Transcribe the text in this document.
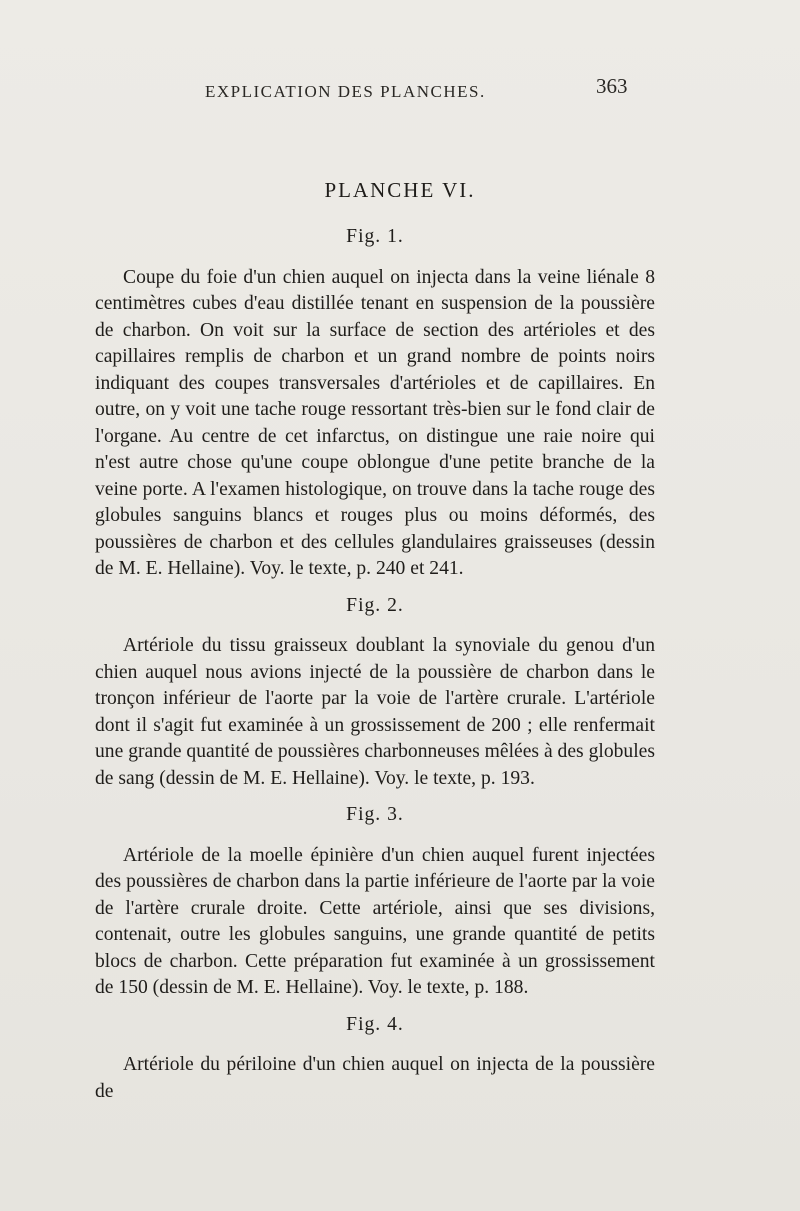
EXPLICATION DES PLANCHES.	363
PLANCHE VI.
Fig. 1.

Coupe du foie d'un chien auquel on injecta dans la veine liénale 8 centimètres cubes d'eau distillée tenant en suspension de la poussière de charbon. On voit sur la surface de section des artérioles et des capillaires remplis de charbon et un grand nombre de points noirs indiquant des coupes transversales d'artérioles et de capillaires. En outre, on y voit une tache rouge ressortant très-bien sur le fond clair de l'organe. Au centre de cet infarctus, on distingue une raie noire qui n'est autre chose qu'une coupe oblongue d'une petite branche de la veine porte. A l'examen histologique, on trouve dans la tache rouge des globules sanguins blancs et rouges plus ou moins déformés, des poussières de charbon et des cellules glandulaires graisseuses (dessin de M. E. Hellaine). Voy. le texte, p. 240 et 241.

Fig. 2.

Artériole du tissu graisseux doublant la synoviale du genou d'un chien auquel nous avions injecté de la poussière de charbon dans le tronçon inférieur de l'aorte par la voie de l'artère crurale. L'artériole dont il s'agit fut examinée à un grossissement de 200 ; elle renfermait une grande quantité de poussières charbonneuses mêlées à des globules de sang (dessin de M. E. Hellaine). Voy. le texte, p. 193.

Fig. 3.

Artériole de la moelle épinière d'un chien auquel furent injectées des poussières de charbon dans la partie inférieure de l'aorte par la voie de l'artère crurale droite. Cette artériole, ainsi que ses divisions, contenait, outre les globules sanguins, une grande quantité de petits blocs de charbon. Cette préparation fut examinée à un grossissement de 150 (dessin de M. E. Hellaine). Voy. le texte, p. 188.

Fig. 4.

Artériole du périloine d'un chien auquel on injecta de la poussière de
